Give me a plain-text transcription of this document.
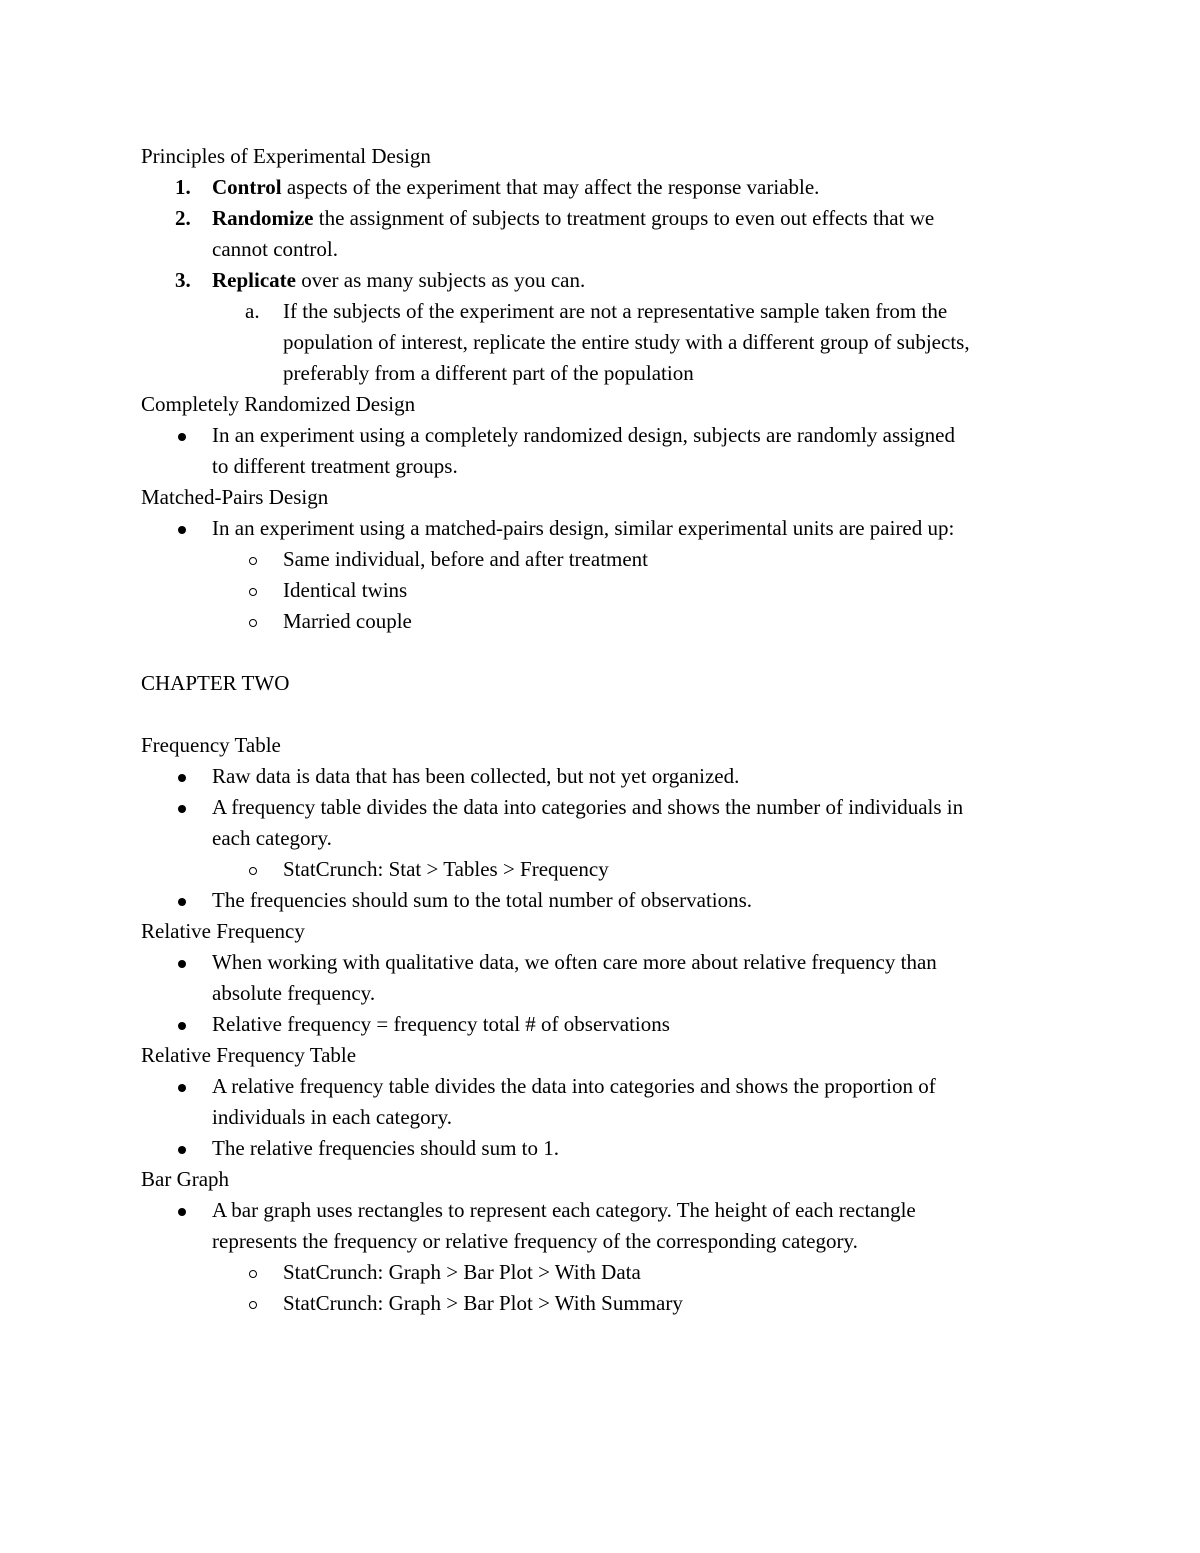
Principles of Experimental Design
1. Control aspects of the experiment that may affect the response variable.
2. Randomize the assignment of subjects to treatment groups to even out effects that we
cannot control.
3. Replicate over as many subjects as you can.
a. If the subjects of the experiment are not a representative sample taken from the
population of interest, replicate the entire study with a different group of subjects,
preferably from a different part of the population
Completely Randomized Design
In an experiment using a completely randomized design, subjects are randomly assigned
to different treatment groups.
Matched-Pairs Design
In an experiment using a matched-pairs design, similar experimental units are paired up:
Same individual, before and after treatment
Identical twins
Married couple
CHAPTER TWO
Frequency Table
Raw data is data that has been collected, but not yet organized.
A frequency table divides the data into categories and shows the number of individuals in
each category.
StatCrunch: Stat > Tables > Frequency
The frequencies should sum to the total number of observations.
Relative Frequency
When working with qualitative data, we often care more about relative frequency than
absolute frequency.
Relative frequency = frequency total # of observations
Relative Frequency Table
A relative frequency table divides the data into categories and shows the proportion of
individuals in each category.
The relative frequencies should sum to 1.
Bar Graph
A bar graph uses rectangles to represent each category. The height of each rectangle
represents the frequency or relative frequency of the corresponding category.
StatCrunch: Graph > Bar Plot > With Data
StatCrunch: Graph > Bar Plot > With Summary
